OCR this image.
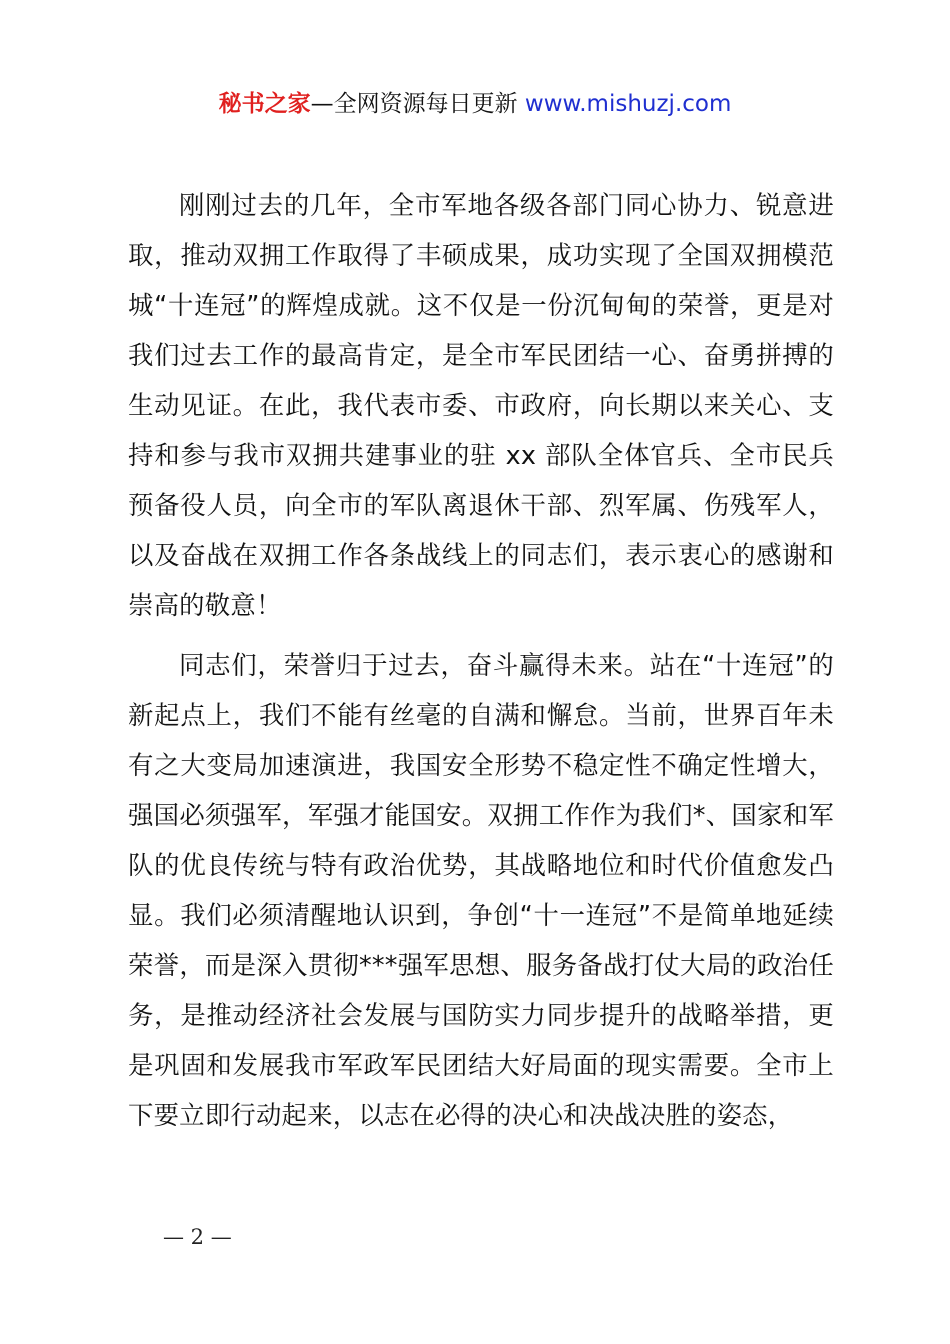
秘书之家—全网资源每日更新 www.mishuzj.com

刚刚过去的几年，全市军地各级各部门同心协力、锐意进取，推动双拥工作取得了丰硕成果，成功实现了全国双拥模范城“十连冠”的辉煌成就。这不仅是一份沉甸甸的荣誉，更是对我们过去工作的最高肯定，是全市军民团结一心、奋勇拼搏的生动见证。在此，我代表市委、市政府，向长期以来关心、支持和参与我市双拥共建事业的驻 xx 部队全体官兵、全市民兵预备役人员，向全市的军队离退休干部、烈军属、伤残军人，以及奋战在双拥工作各条战线上的同志们，表示衷心的感谢和崇高的敬意！

同志们，荣誉归于过去，奋斗赢得未来。站在“十连冠”的新起点上，我们不能有丝毫的自满和懈怠。当前，世界百年未有之大变局加速演进，我国安全形势不稳定性不确定性增大，强国必须强军，军强才能国安。双拥工作作为我们*、国家和军队的优良传统与特有政治优势，其战略地位和时代价值愈发凸显。我们必须清醒地认识到，争创“十一连冠”不是简单地延续荣誉，而是深入贯彻***强军思想、服务备战打仗大局的政治任务，是推动经济社会发展与国防实力同步提升的战略举措，更是巩固和发展我市军政军民团结大好局面的现实需要。全市上下要立即行动起来，以志在必得的决心和决战决胜的姿态，

— 2 —
